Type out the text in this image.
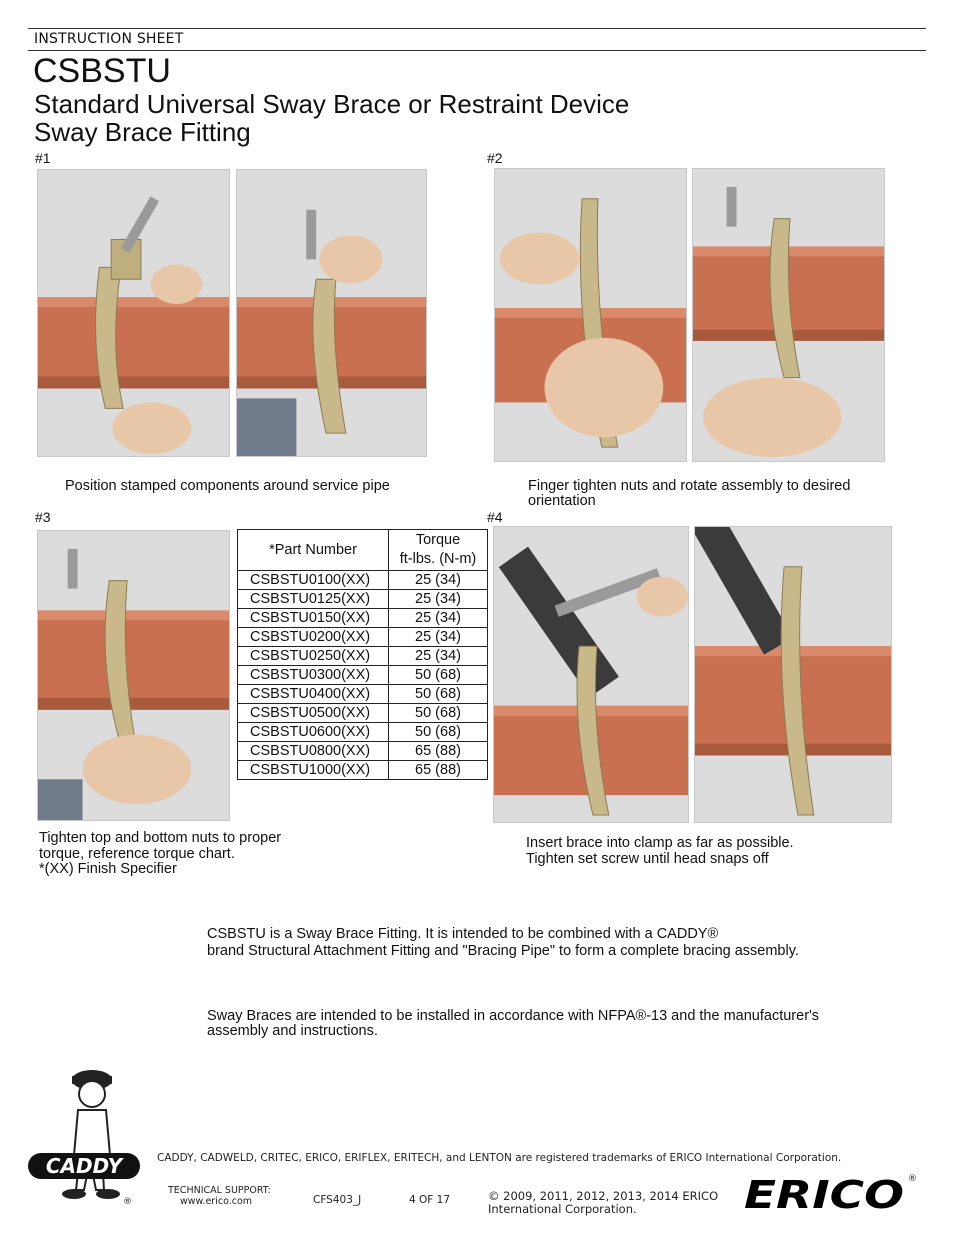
INSTRUCTION SHEET
CSBSTU
Standard Universal Sway Brace or Restraint Device
Sway Brace Fitting
#1	#2
#3	#4
Position stamped components around service pipe	Finger tighten nuts and rotate assembly to desired
orientation
Tighten top and bottom nuts to proper
torque, reference torque chart.
*(XX) Finish Specifier
Insert brace into clamp as far as possible.
Tighten set screw until head snaps off
*Part Number	Torque
ft-lbs. (N-m)
CSBSTU0100(XX)	25 (34)
CSBSTU0125(XX)	25 (34)
CSBSTU0150(XX)	25 (34)
CSBSTU0200(XX)	25 (34)
CSBSTU0250(XX)	25 (34)
CSBSTU0300(XX)	50 (68)
CSBSTU0400(XX)	50 (68)
CSBSTU0500(XX)	50 (68)
CSBSTU0600(XX)	50 (68)
CSBSTU0800(XX)	65 (88)
CSBSTU1000(XX)	65 (88)
CSBSTU is a Sway Brace Fitting. It is intended to be combined with a CADDY®
brand Structural Attachment Fitting and "Bracing Pipe" to form a complete bracing assembly.
Sway Braces are intended to be installed in accordance with NFPA®-13 and the manufacturer's
assembly and instructions.
CADDY
®
CADDY, CADWELD, CRITEC, ERICO, ERIFLEX, ERITECH, and LENTON are registered trademarks of ERICO International Corporation.
TECHNICAL SUPPORT:
www.erico.com	CFS403_J	4 OF 17	© 2009, 2011, 2012, 2013, 2014 ERICO
International Corporation.	ERICO ®
